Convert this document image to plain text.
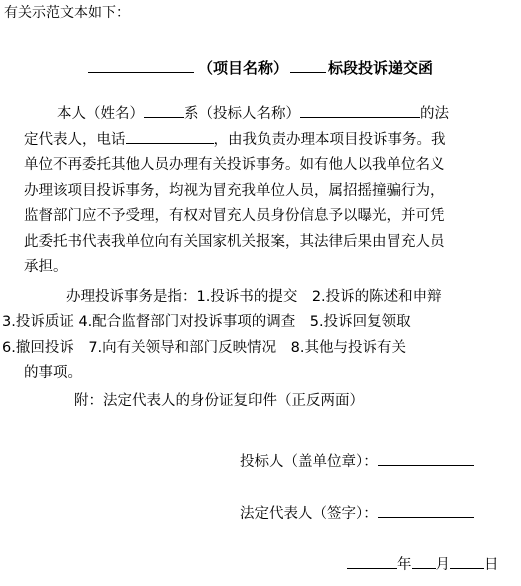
有关示范文本如下：
（项目名称）	标段投诉递交函
本人（姓名）	系（投标人名称）	的法
定代表人，电话	，由我负责办理本项目投诉事务。我
单位不再委托其他人员办理有关投诉事务。如有他人以我单位名义
办理该项目投诉事务，均视为冒充我单位人员，属招摇撞骗行为，
监督部门应不予受理，有权对冒充人员身份信息予以曝光，并可凭
此委托书代表我单位向有关国家机关报案，其法律后果由冒充人员
承担。
办理投诉事务是指：1.投诉书的提交　2.投诉的陈述和申辩
3.投诉质证 4.配合监督部门对投诉事项的调查　5.投诉回复领取
6.撤回投诉　7.向有关领导和部门反映情况　8.其他与投诉有关
的事项。
附：法定代表人的身份证复印件（正反两面）
投标人（盖单位章）：
法定代表人（签字）：
年 月 日
